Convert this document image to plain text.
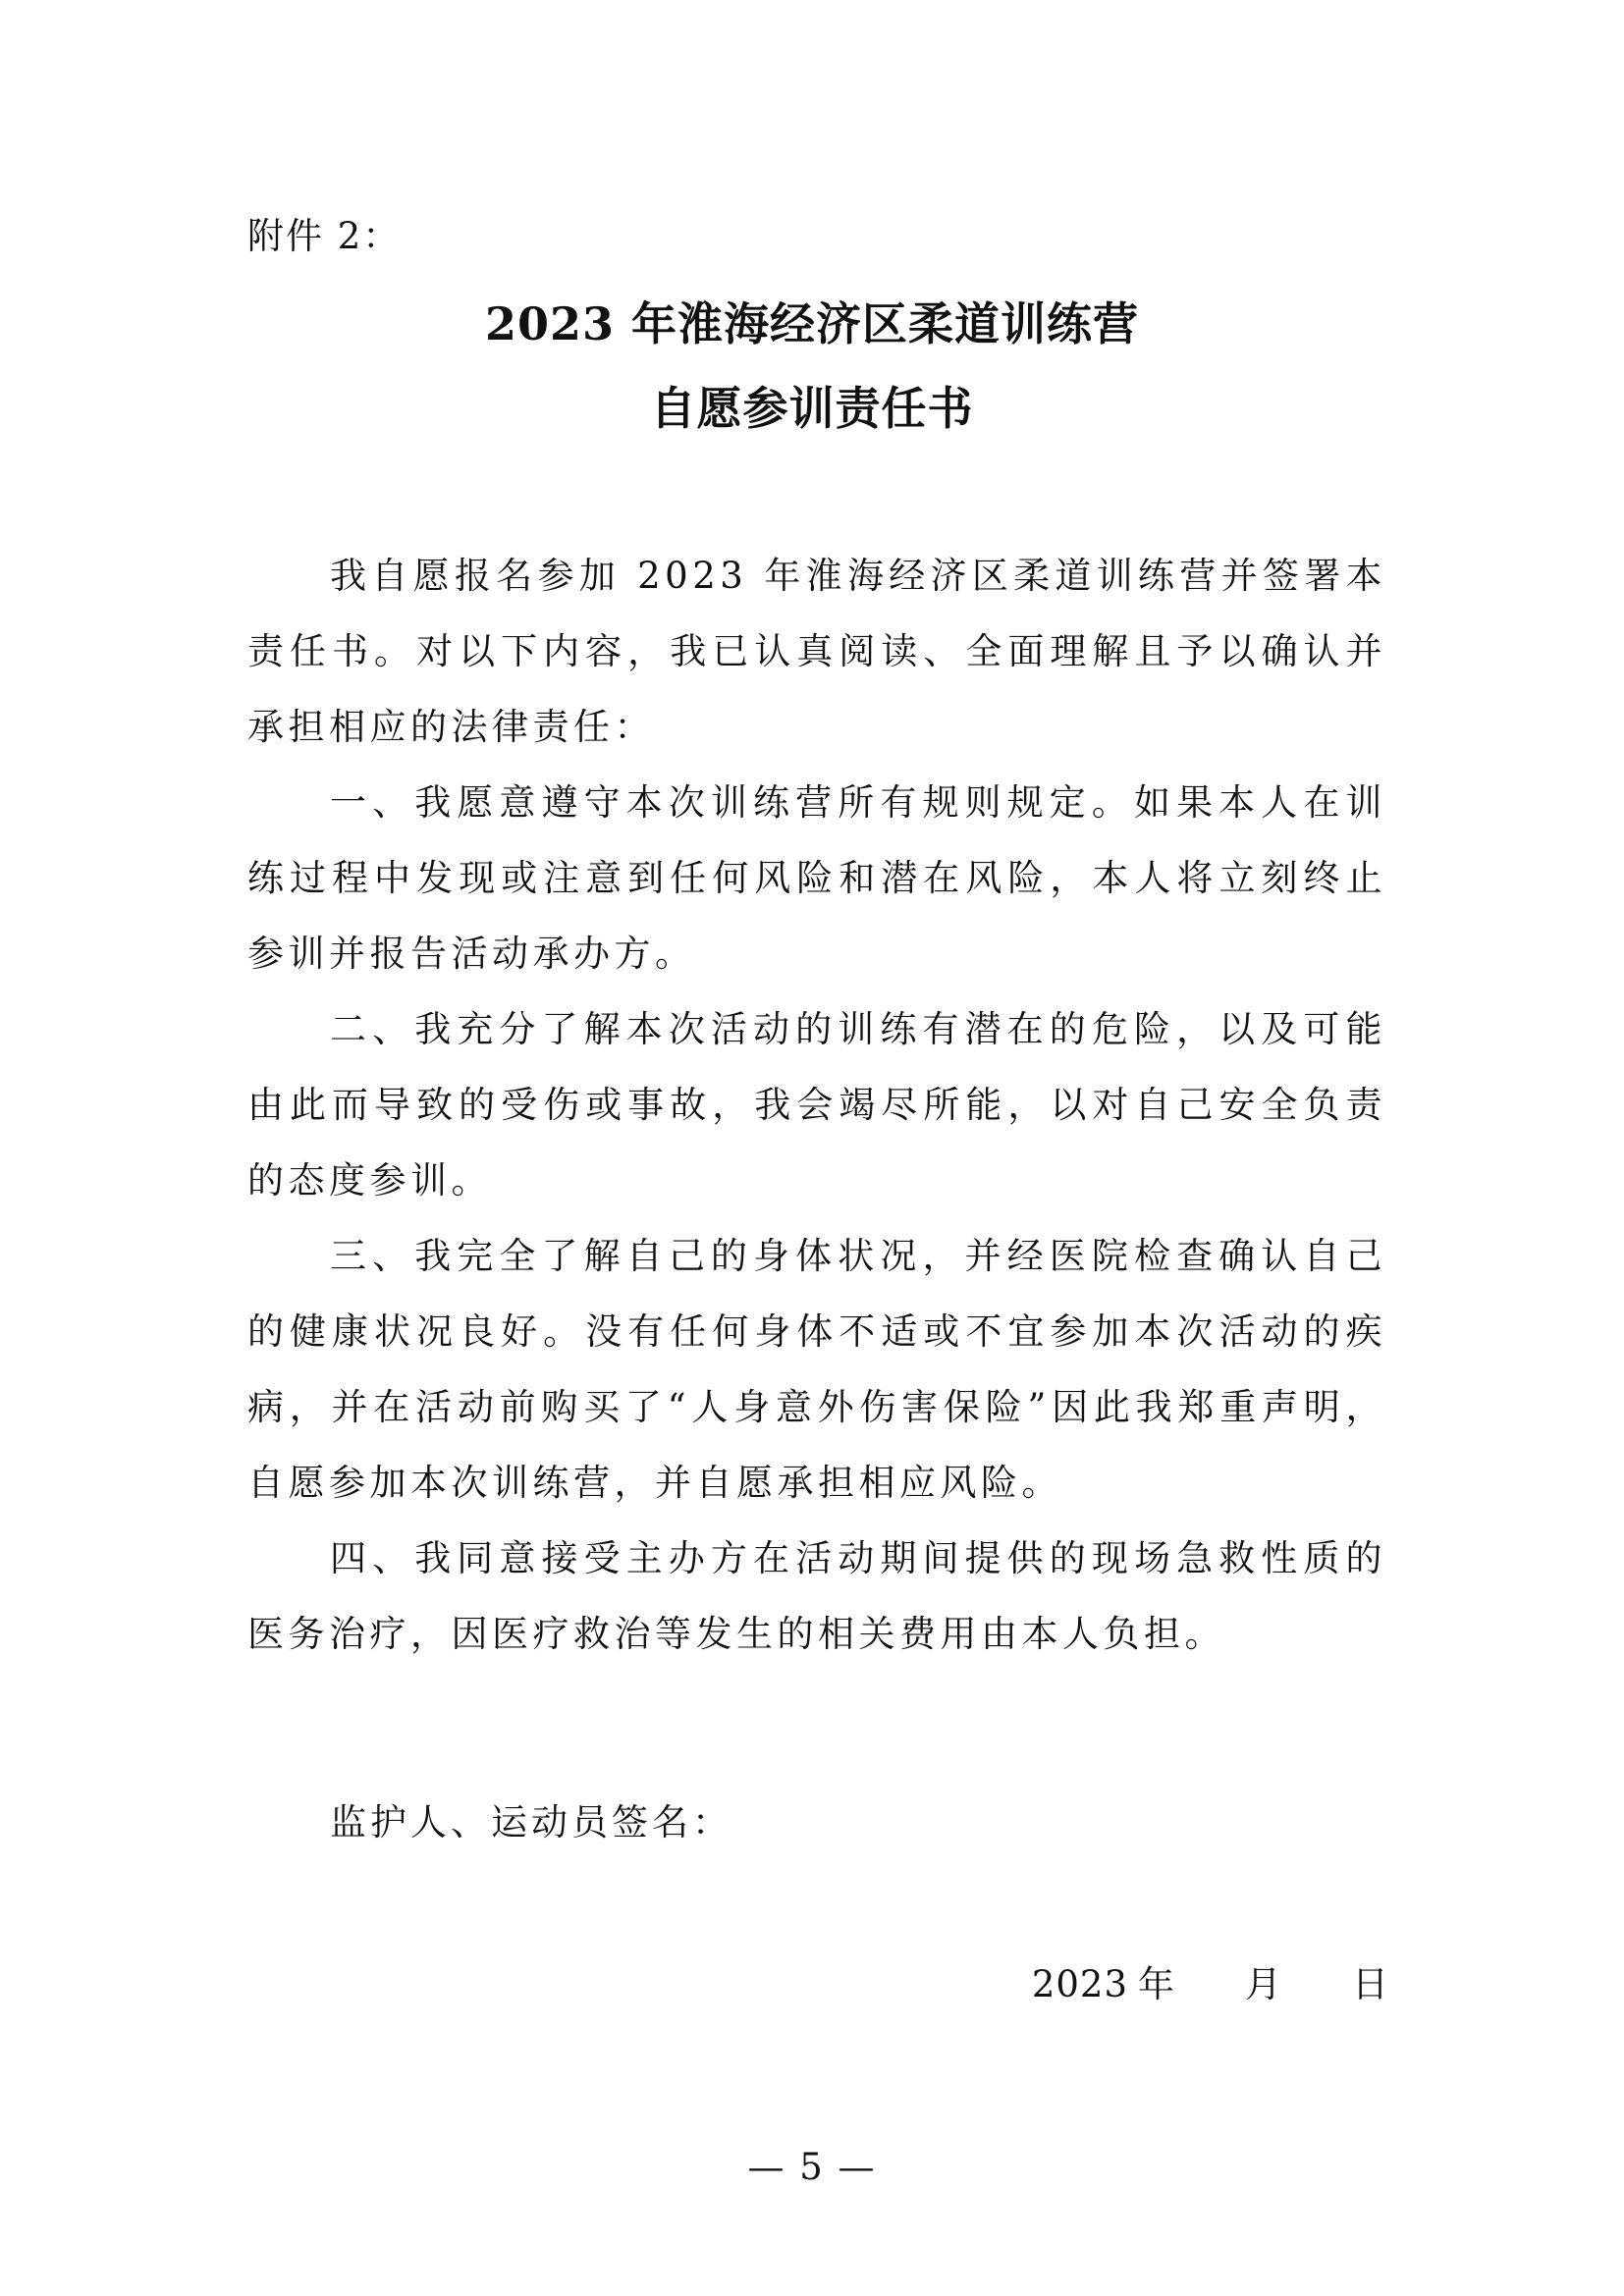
附件 2：
2023 年淮海经济区柔道训练营
自愿参训责任书

我自愿报名参加 2023 年淮海经济区柔道训练营并签署本责任书。对以下内容，我已认真阅读、全面理解且予以确认并承担相应的法律责任：

一、我愿意遵守本次训练营所有规则规定。如果本人在训练过程中发现或注意到任何风险和潜在风险，本人将立刻终止参训并报告活动承办方。

二、我充分了解本次活动的训练有潜在的危险，以及可能由此而导致的受伤或事故，我会竭尽所能，以对自己安全负责的态度参训。

三、我完全了解自己的身体状况，并经医院检查确认自己的健康状况良好。没有任何身体不适或不宜参加本次活动的疾病，并在活动前购买了“人身意外伤害保险”因此我郑重声明，自愿参加本次训练营，并自愿承担相应风险。

四、我同意接受主办方在活动期间提供的现场急救性质的医务治疗，因医疗救治等发生的相关费用由本人负担。

监护人、运动员签名：
2023 年 月 日
— 5 —
